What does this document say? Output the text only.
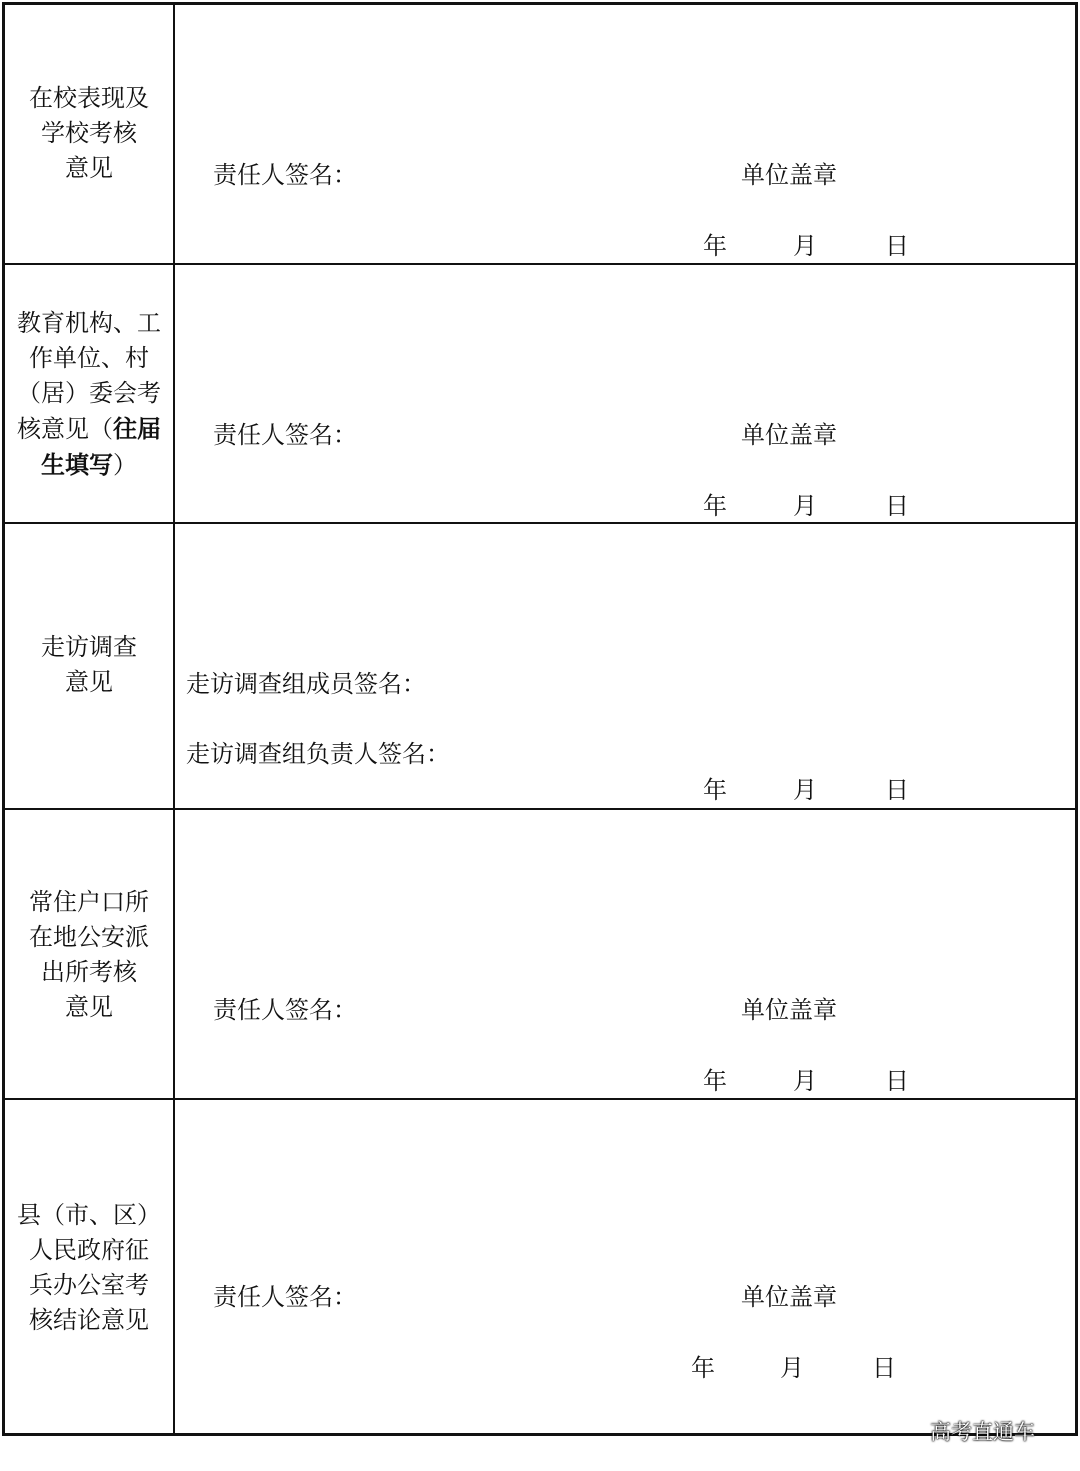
在校表现及
学校考核
意见	责任人签名：	单位盖章
年	月	日
教育机构、工
作单位、村
（居）委会考
核意见（往届
生填写）
责任人签名：	单位盖章
年	月	日
走访调查
意见	走访调查组成员签名：
走访调查组负责人签名：
年	月	日
常住户口所
在地公安派
出所考核
意见	责任人签名：	单位盖章
年	月	日
县（市、区）
人民政府征
兵办公室考
核结论意见
责任人签名：	单位盖章
年	月	日
高考直通车
